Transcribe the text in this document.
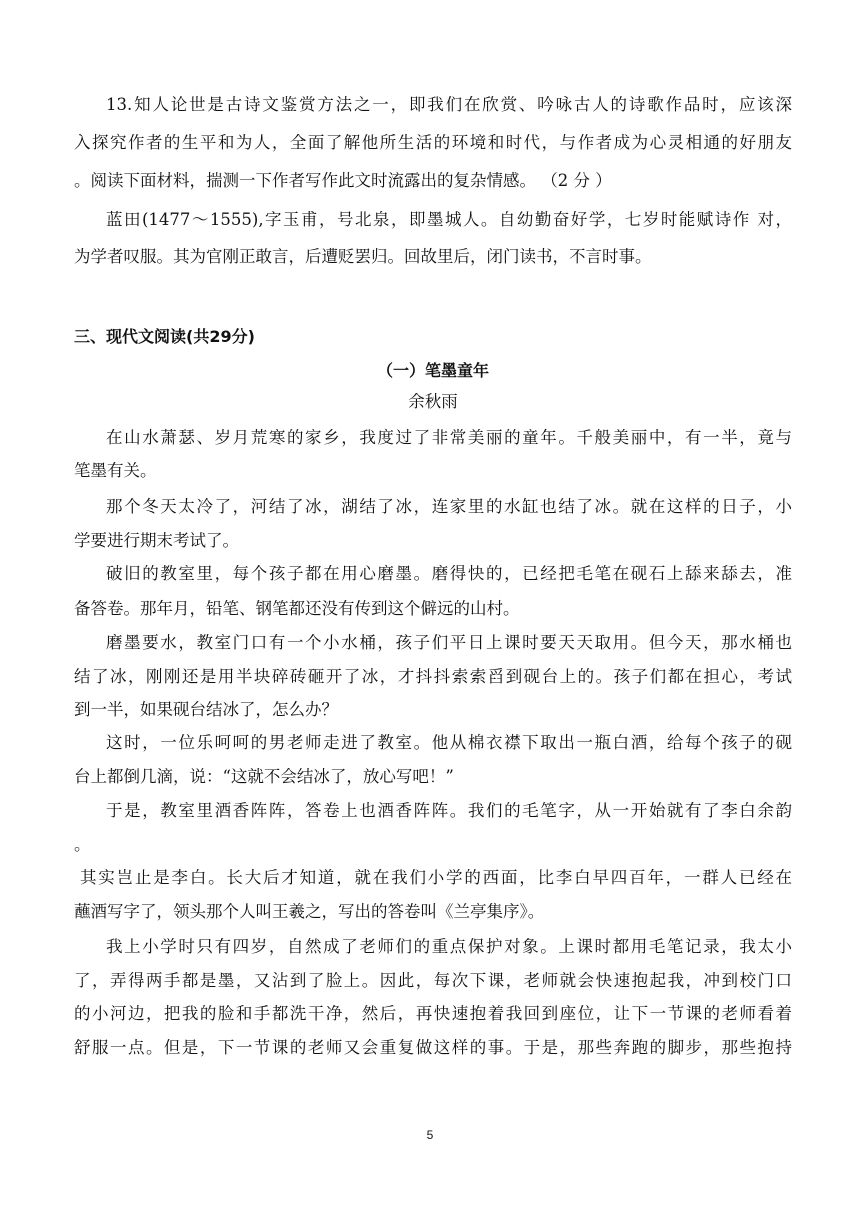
13.知人论世是古诗文鉴赏方法之一，即我们在欣赏、吟咏古人的诗歌作品时，应该深
入探究作者的生平和为人，全面了解他所生活的环境和时代，与作者成为心灵相通的好朋友
。阅读下面材料，揣测一下作者写作此文时流露出的复杂情感。 （2 分 ）
蓝田(1477～1555),字玉甫，号北泉，即墨城人。自幼勤奋好学，七岁时能赋诗作 对，
为学者叹服。其为官刚正敢言，后遭贬罢归。回故里后，闭门读书，不言时事。
三、现代文阅读(共29分)
（一）笔墨童年
余秋雨
在山水萧瑟、岁月荒寒的家乡，我度过了非常美丽的童年。千般美丽中，有一半，竟与
笔墨有关。
那个冬天太冷了，河结了冰，湖结了冰，连家里的水缸也结了冰。就在这样的日子，小
学要进行期末考试了。
破旧的教室里，每个孩子都在用心磨墨。磨得快的，已经把毛笔在砚石上舔来舔去，准
备答卷。那年月，铅笔、钢笔都还没有传到这个僻远的山村。
磨墨要水，教室门口有一个小水桶，孩子们平日上课时要天天取用。但今天，那水桶也
结了冰，刚刚还是用半块碎砖砸开了冰，才抖抖索索舀到砚台上的。孩子们都在担心，考试
到一半，如果砚台结冰了，怎么办？
这时，一位乐呵呵的男老师走进了教室。他从棉衣襟下取出一瓶白酒，给每个孩子的砚
台上都倒几滴，说：“这就不会结冰了，放心写吧！”
于是，教室里酒香阵阵，答卷上也酒香阵阵。我们的毛笔字，从一开始就有了李白余韵
。
其实岂止是李白。长大后才知道，就在我们小学的西面，比李白早四百年，一群人已经在
蘸酒写字了，领头那个人叫王羲之，写出的答卷叫《兰亭集序》。
我上小学时只有四岁，自然成了老师们的重点保护对象。上课时都用毛笔记录，我太小
了，弄得两手都是墨，又沾到了脸上。因此，每次下课，老师就会快速抱起我，冲到校门口
的小河边，把我的脸和手都洗干净，然后，再快速抱着我回到座位，让下一节课的老师看着
舒服一点。但是，下一节课的老师又会重复做这样的事。于是，那些奔跑的脚步，那些抱持
5
